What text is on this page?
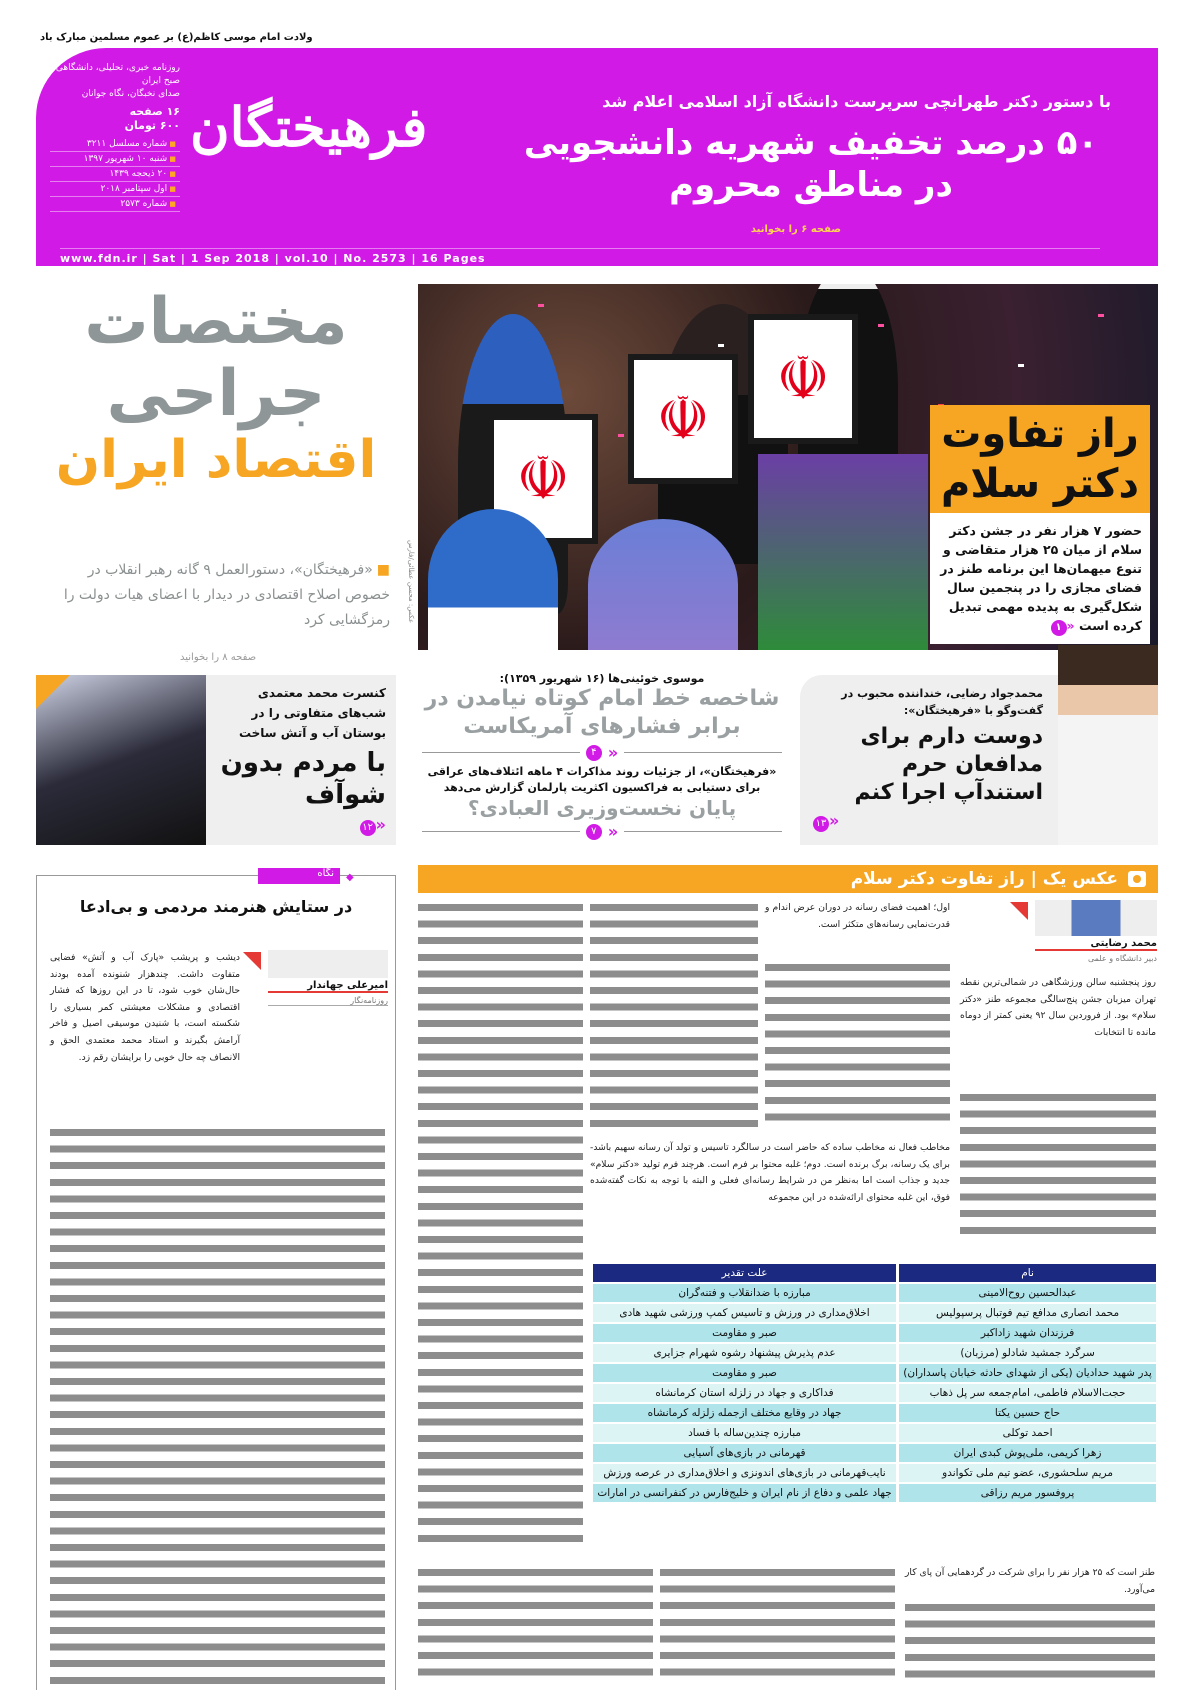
ولادت امام موسی کاظم(ع) بر عموم مسلمین مبارک باد
فرهیختگان
روزنامه خبری، تحلیلی، دانشگاهی صبح ایران
صدای نخبگان، نگاه جوانان
۱۶ صفحه
۶۰۰ تومان
■ شماره مسلسل ۳۲۱۱
■ شنبه ۱۰ شهریور ۱۳۹۷
■ ۲۰ ذیحجه ۱۴۳۹
■ اول سپتامبر ۲۰۱۸
■ شماره ۲۵۷۳
www.fdn.ir | Sat | 1 Sep 2018 | vol.10 | No. 2573 | 16 Pages
با دستور دکتر طهرانچی سرپرست دانشگاه آزاد اسلامی اعلام شد
۵۰ درصد تخفیف شهریه دانشجویی در مناطق محروم
صفحه ۶ را بخوانید
مختصات
جراحی
اقتصاد ایران
■ «فرهیختگان»، دستورالعمل ۹ گانه رهبر انقلاب در خصوص اصلاح اقتصادی در دیدار با اعضای هیات دولت را رمزگشایی کرد
صفحه ۸ را بخوانید
☫
☫
☫
عکس: محسن عطائی/فارس
راز تفاوت
دکتر سلام
حضور ۷ هزار نفر در جشن دکتر سلام از میان ۲۵ هزار متقاضی و تنوع میهمان‌ها این برنامه طنز در فضای مجازی را در پنجمین سال شکل‌گیری به پدیده مهمی تبدیل کرده است «۱
کنسرت محمد معتمدی شب‌های متفاوتی را در بوستان آب و آتش ساخت
با مردم بدون شوآف
«۱۲
موسوی خوئینی‌ها (۱۶ شهریور ۱۳۵۹):
شاخصه خط امام کوتاه نیامدن در برابر فشارهای آمریکاست
«
۴
«فرهیختگان»، از جزئیات روند مذاکرات ۴ ماهه ائتلاف‌های عراقی برای دستیابی به فراکسیون اکثریت پارلمان گزارش می‌دهد
پایان نخست‌وزیری العبادی؟
«
۷
محمدجواد رضایی، خنداننده محبوب در گفت‌وگو با «فرهیختگان»:
دوست دارم برای مدافعان حرم استندآپ اجرا کنم
«۱۳
نگاه	◆
در ستایش هنرمند مردمی و بی‌ادعا
امیرعلی جهاندار
روزنامه‌نگار
دیشب و پریشب «پارک آب و آتش» فضایی متفاوت داشت. چندهزار شنونده آمده بودند حال‌شان خوب شود، تا در این روزها که فشار اقتصادی و مشکلات معیشتی کمر بسیاری را شکسته است، با شنیدن موسیقی اصیل و فاخر آرامش بگیرند و استاد محمد معتمدی الحق و الانصاف چه حال خوبی را برایشان رقم زد.
عکس یک | راز تفاوت دکتر سلام
محمد رضایتی
دبیر دانشگاه و علمی
روز پنجشنبه سالن ورزشگاهی در شمالی‌ترین نقطه تهران میزبان جشن پنج‌سالگی مجموعه طنز «دکتر سلام» بود. از فروردین سال ۹۲ یعنی کمتر از دوماه مانده تا انتخابات
اول؛ اهمیت فضای رسانه در دوران عرض اندام و قدرت‌نمایی رسانه‌های متکثر است.
مخاطب فعال نه مخاطب ساده که حاضر است در سالگرد تاسیس و تولد آن رسانه سهیم باشد- برای یک رسانه، برگ برنده است. دوم؛ غلبه محتوا بر فرم است. هرچند فرم تولید «دکتر سلام» جدید و جذاب است اما به‌نظر من در شرایط رسانه‌ای فعلی و البته با توجه به نکات گفته‌شده فوق، این غلبه محتوای ارائه‌شده در این مجموعه
نام	علت تقدیر
عبدالحسین روح‌الامینی	مبارزه با ضدانقلاب و فتنه‌گران
محمد انصاری مدافع تیم فوتبال پرسپولیس	اخلاق‌مداری در ورزش و تاسیس کمپ ورزشی شهید هادی
فرزندان شهید زاداکبر	صبر و مقاومت
سرگرد جمشید شادلو (مرزبان)	عدم پذیرش پیشنهاد رشوه شهرام جزایری
پدر شهید حدادیان (یکی از شهدای حادثه خیابان پاسداران)	صبر و مقاومت
حجت‌الاسلام فاطمی، امام‌جمعه سر پل ذهاب	فداکاری و جهاد در زلزله استان کرمانشاه
حاج حسین یکتا	جهاد در وقایع مختلف ازجمله زلزله کرمانشاه
احمد توکلی	مبارزه چندین‌ساله با فساد
زهرا کریمی، ملی‌پوش کبدی ایران	قهرمانی در بازی‌های آسیایی
مریم سلحشوری، عضو تیم ملی تکواندو	نایب‌قهرمانی در بازی‌های اندونزی و اخلاق‌مداری در عرصه ورزش
پروفسور مریم رزاقی	جهاد علمی و دفاع از نام ایران و خلیج‌فارس در کنفرانسی در امارات
طنز است که ۲۵ هزار نفر را برای شرکت در گردهمایی آن پای کار می‌آورد.
